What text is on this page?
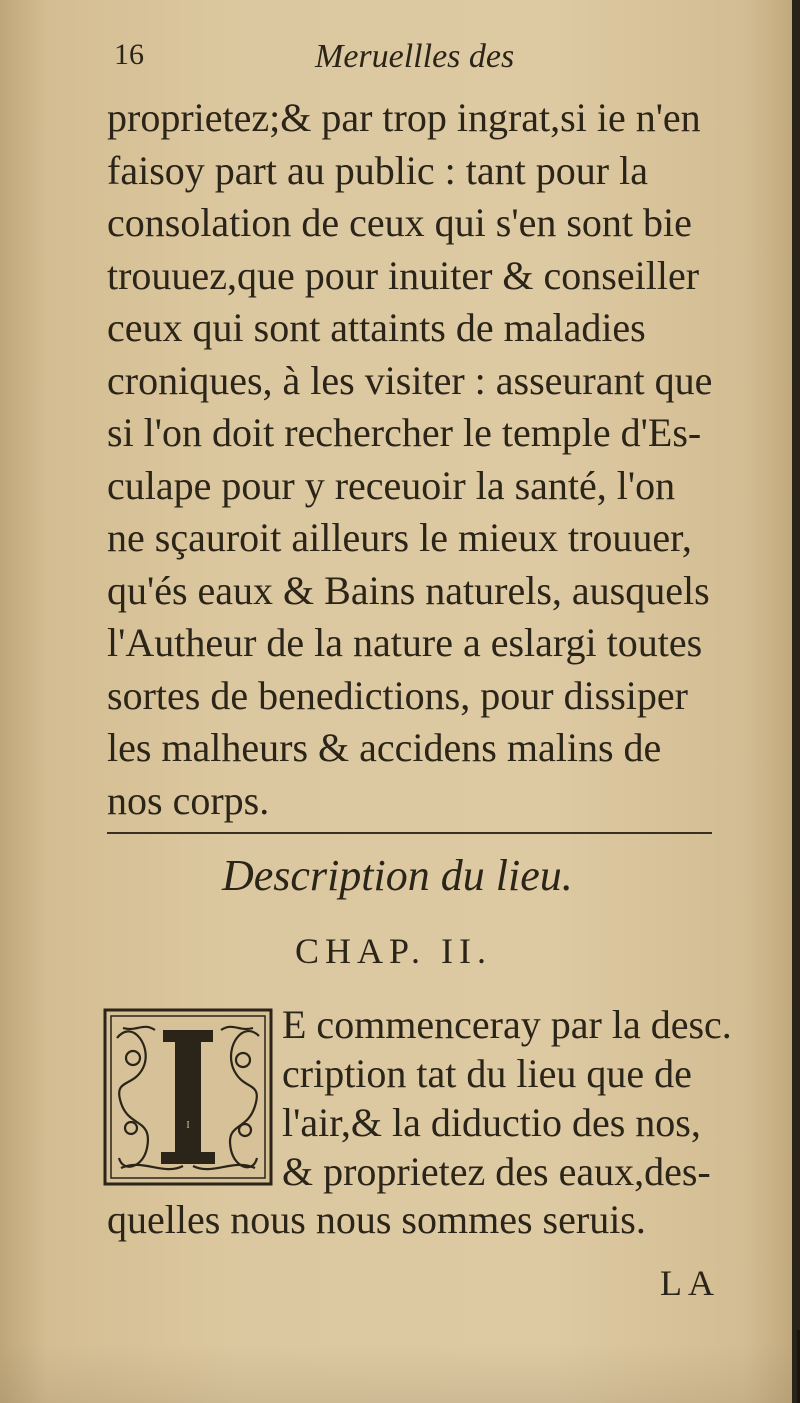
16	Meruellles des
proprietez;& par trop ingrat,si ie n'en
faisoy part au public : tant pour la
consolation de ceux qui s'en sont bie
trouuez,que pour inuiter & conseiller
ceux qui sont attaints de maladies
croniques, à les visiter : asseurant que
si l'on doit rechercher le temple d'Es-
culape pour y receuoir la santé, l'on
ne sçauroit ailleurs le mieux trouuer,
qu'és eaux & Bains naturels, ausquels
l'Autheur de la nature a eslargi toutes
sortes de benedictions, pour dissiper
les malheurs & accidens malins de
nos corps.
Description du lieu.
CHAP. II.
I
E commenceray par la desc.
cription tat du lieu que de
l'air,& la diductio des nos,
& proprietez des eaux,des-
quelles nous nous sommes seruis.
LA
